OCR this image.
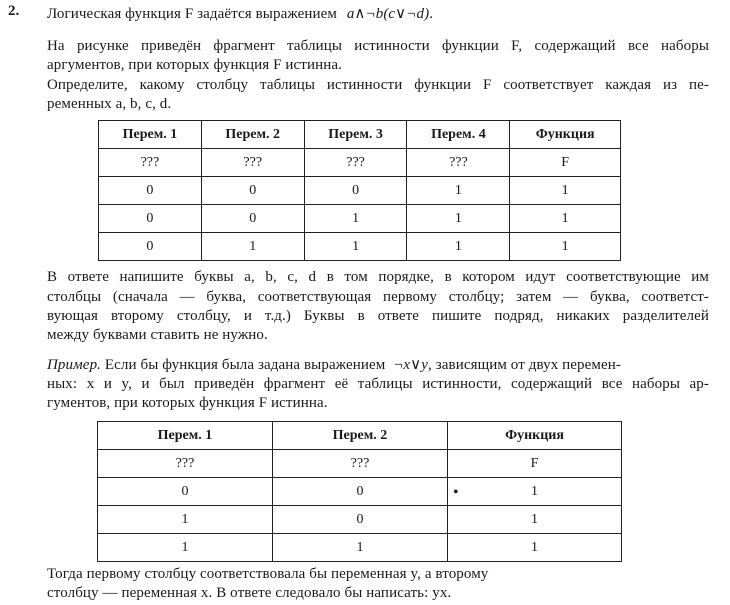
2. Логическая функция F задаётся выражением a∧¬b(c∨¬d).
На рисунке приведён фрагмент таблицы истинности функции F, содержащий все наборы
аргументов, при которых функция F истинна.
Определите, какому столбцу таблицы истинности функции F соответствует каждая из пе-
ременных a, b, c, d.
Перем. 1	Перем. 2	Перем. 3	Перем. 4	Функция
???	???	???	???	F
0	0	0	1	1
0	0	1	1	1
0	1	1	1	1
В ответе напишите буквы a, b, c, d в том порядке, в котором идут соответствующие им
столбцы (сначала — буква, соответствующая первому столбцу; затем — буква, соответст-
вующая второму столбцу, и т.д.) Буквы в ответе пишите подряд, никаких разделителей
между буквами ставить не нужно.
Пример. Если бы функция была задана выражением ¬x∨y, зависящим от двух перемен-
ных: x и y, и был приведён фрагмент её таблицы истинности, содержащий все наборы ар-
гументов, при которых функция F истинна.
Перем. 1	Перем. 2	Функция
???	???	F
0	0	1
1	0	1
1	1	1
•
Тогда первому столбцу соответствовала бы переменная y, а второму
столбцу — переменная x. В ответе следовало бы написать: yx.
